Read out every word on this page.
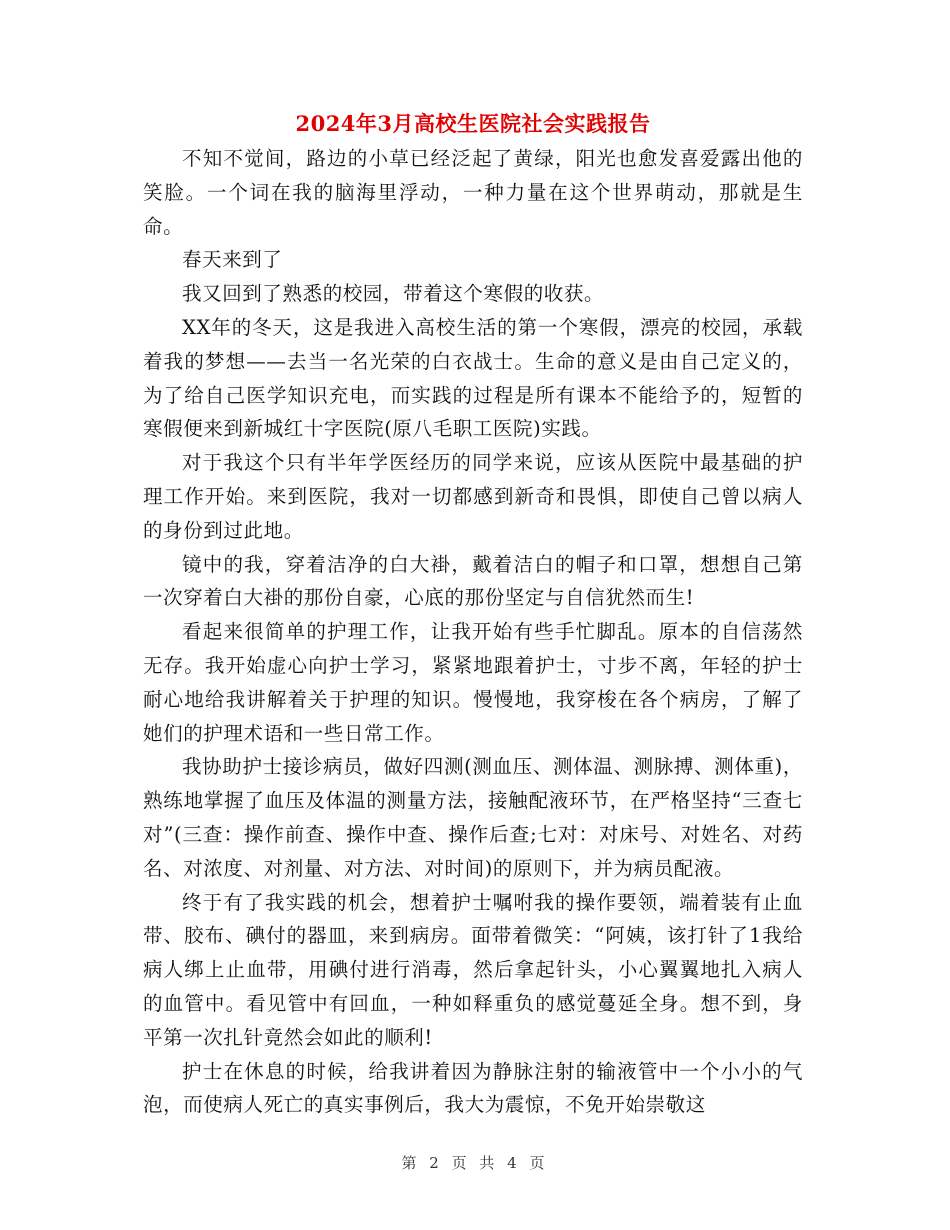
2024年3月高校生医院社会实践报告

不知不觉间，路边的小草已经泛起了黄绿，阳光也愈发喜爱露出他的笑脸。一个词在我的脑海里浮动，一种力量在这个世界萌动，那就是生命。

春天来到了

我又回到了熟悉的校园，带着这个寒假的收获。

XX年的冬天，这是我进入高校生活的第一个寒假，漂亮的校园，承载着我的梦想——去当一名光荣的白衣战士。生命的意义是由自己定义的，为了给自己医学知识充电，而实践的过程是所有课本不能给予的，短暂的寒假便来到新城红十字医院(原八毛职工医院)实践。

对于我这个只有半年学医经历的同学来说，应该从医院中最基础的护理工作开始。来到医院，我对一切都感到新奇和畏惧，即使自己曾以病人的身份到过此地。

镜中的我，穿着洁净的白大褂，戴着洁白的帽子和口罩，想想自己第一次穿着白大褂的那份自豪，心底的那份坚定与自信犹然而生!

看起来很简单的护理工作，让我开始有些手忙脚乱。原本的自信荡然无存。我开始虚心向护士学习，紧紧地跟着护士，寸步不离，年轻的护士耐心地给我讲解着关于护理的知识。慢慢地，我穿梭在各个病房，了解了她们的护理术语和一些日常工作。

我协助护士接诊病员，做好四测(测血压、测体温、测脉搏、测体重)，熟练地掌握了血压及体温的测量方法，接触配液环节，在严格坚持“三查七对”(三查：操作前查、操作中查、操作后查;七对：对床号、对姓名、对药名、对浓度、对剂量、对方法、对时间)的原则下，并为病员配液。

终于有了我实践的机会，想着护士嘱咐我的操作要领，端着装有止血带、胶布、碘付的器皿，来到病房。面带着微笑：“阿姨，该打针了1我给病人绑上止血带，用碘付进行消毒，然后拿起针头，小心翼翼地扎入病人的血管中。看见管中有回血，一种如释重负的感觉蔓延全身。想不到，身平第一次扎针竟然会如此的顺利!

护士在休息的时候，给我讲着因为静脉注射的输液管中一个小小的气泡，而使病人死亡的真实事例后，我大为震惊，不免开始崇敬这

第 2 页 共 4 页
